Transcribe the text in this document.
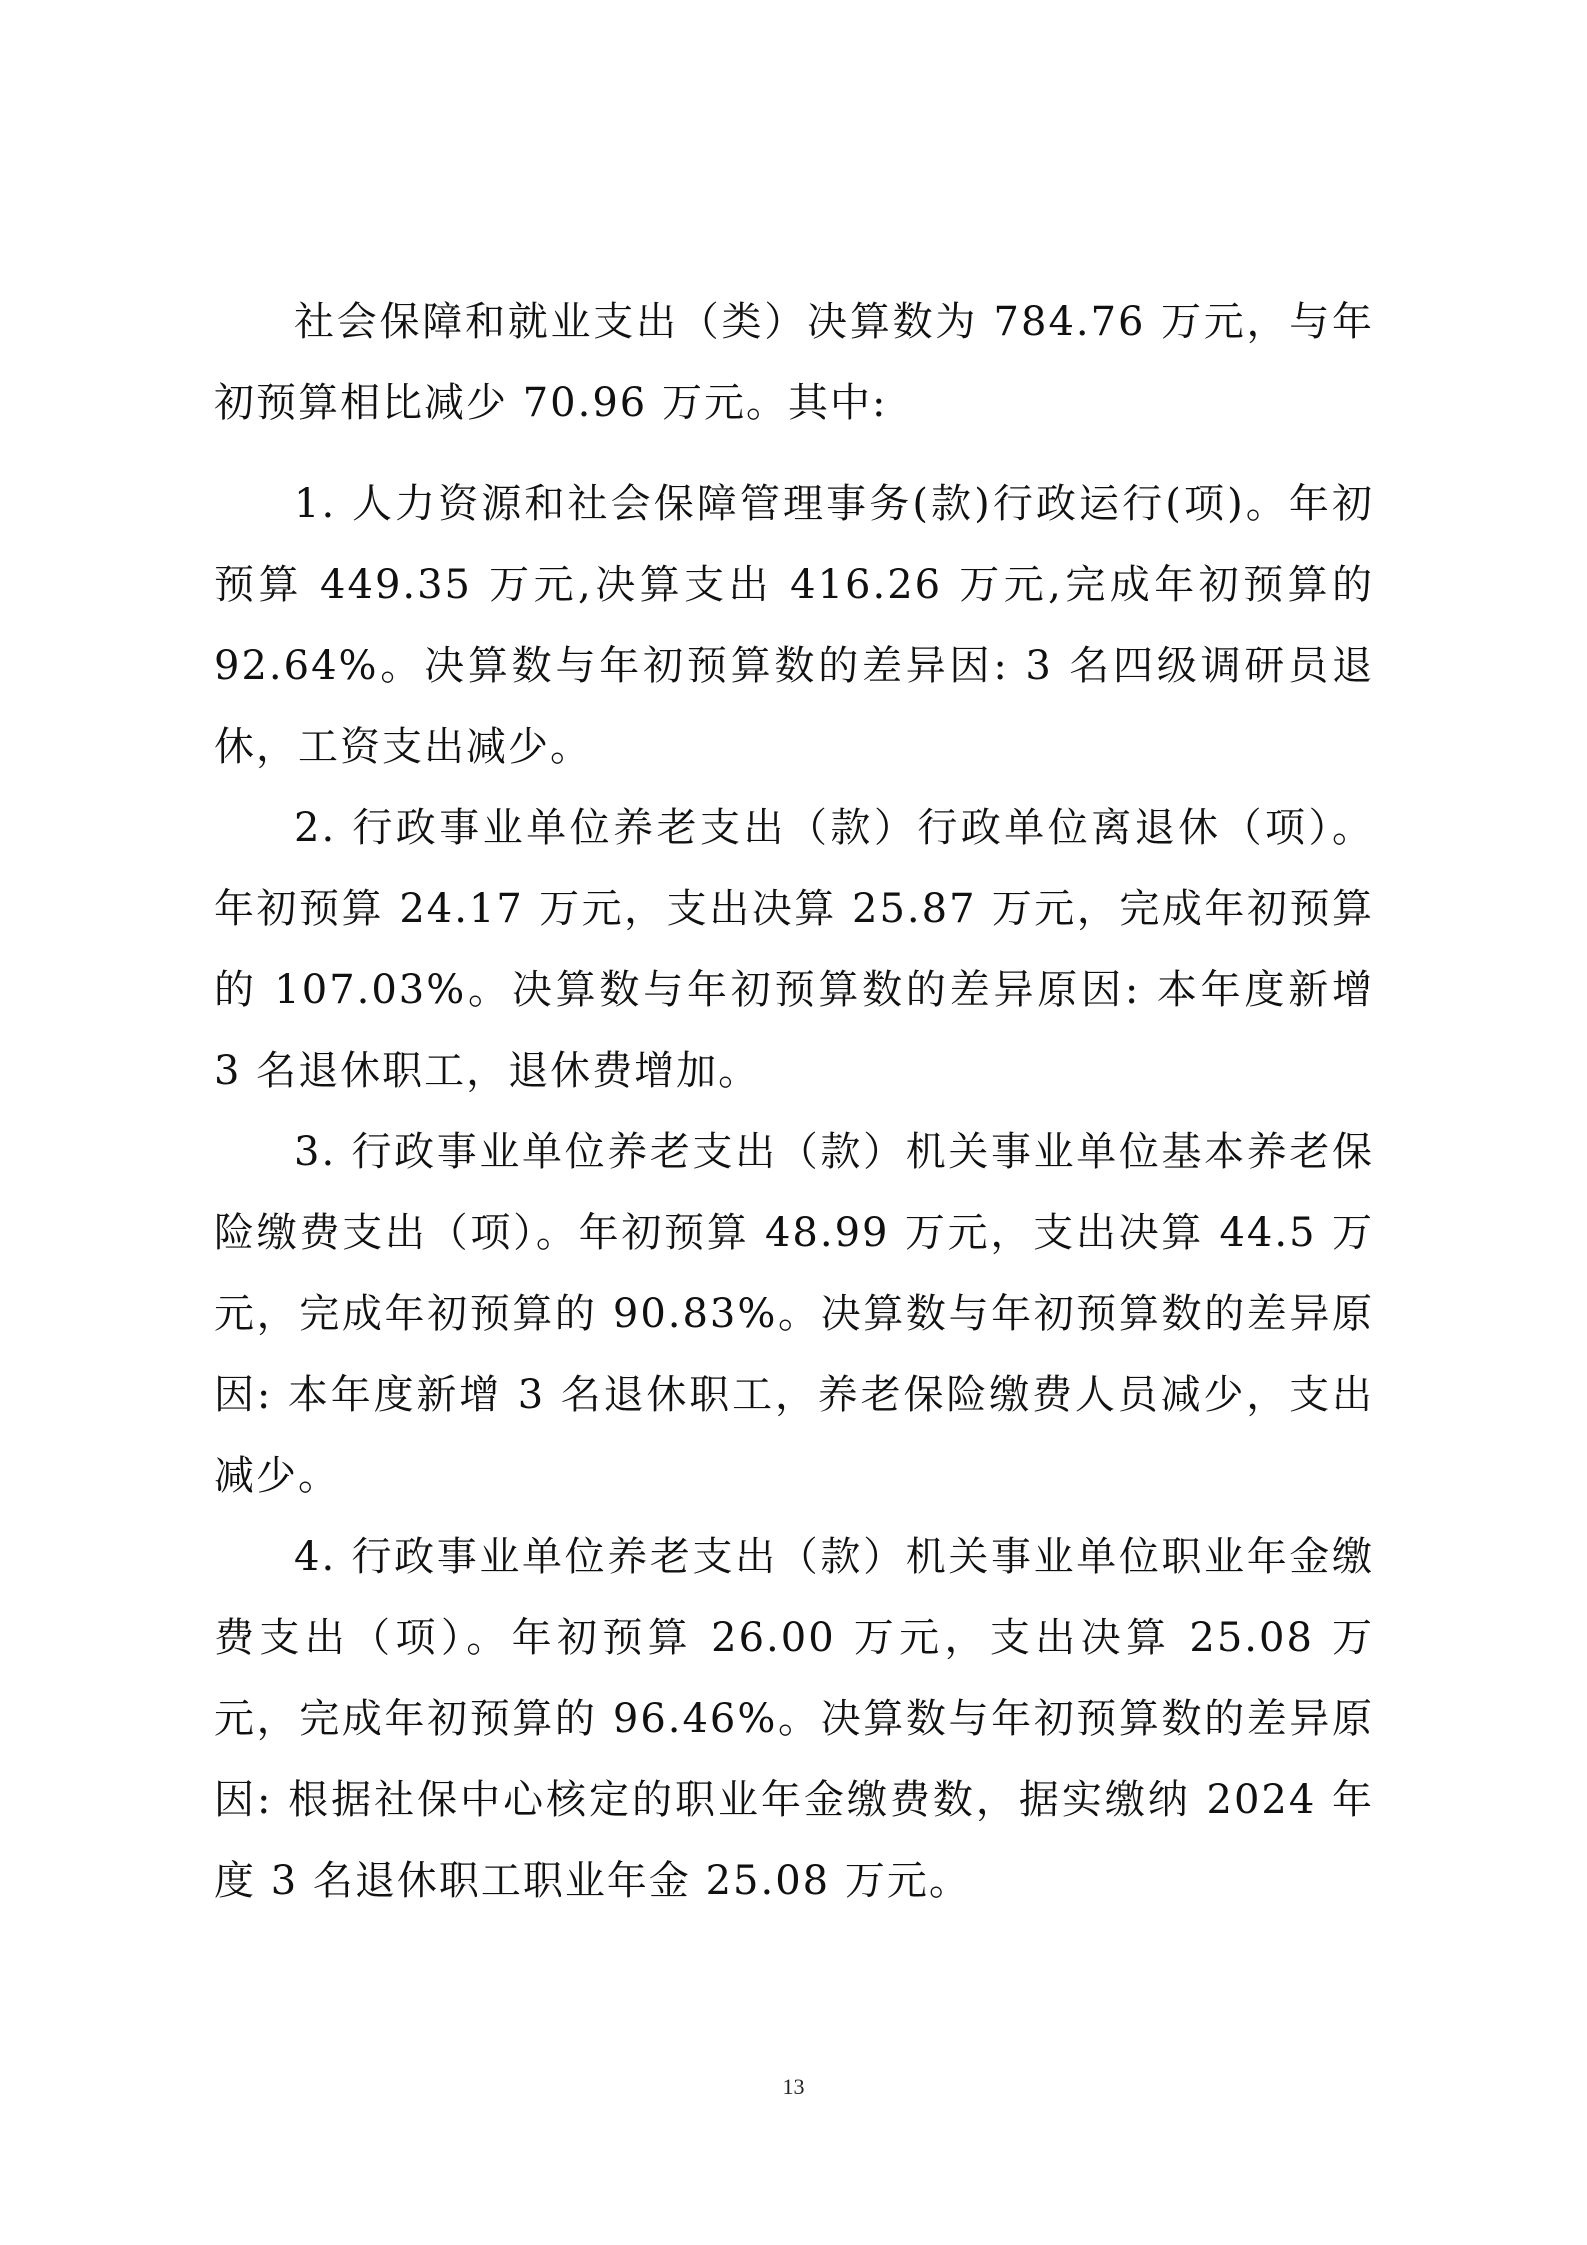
社会保障和就业支出（类）决算数为 784.76 万元，与年初预算相比减少 70.96 万元。其中:

1. 人力资源和社会保障管理事务(款)行政运行(项)。年初预算 449.35 万元,决算支出 416.26 万元,完成年初预算的 92.64%。决算数与年初预算数的差异因: 3 名四级调研员退休，工资支出减少。

2. 行政事业单位养老支出（款）行政单位离退休（项）。年初预算 24.17 万元，支出决算 25.87 万元，完成年初预算的 107.03%。决算数与年初预算数的差异原因: 本年度新增 3 名退休职工，退休费增加。

3. 行政事业单位养老支出（款）机关事业单位基本养老保险缴费支出（项）。年初预算 48.99 万元，支出决算 44.5 万元，完成年初预算的 90.83%。决算数与年初预算数的差异原因: 本年度新增 3 名退休职工，养老保险缴费人员减少，支出减少。

4. 行政事业单位养老支出（款）机关事业单位职业年金缴费支出（项）。年初预算 26.00 万元，支出决算 25.08 万元，完成年初预算的 96.46%。决算数与年初预算数的差异原因: 根据社保中心核定的职业年金缴费数，据实缴纳 2024 年度 3 名退休职工职业年金 25.08 万元。

13
